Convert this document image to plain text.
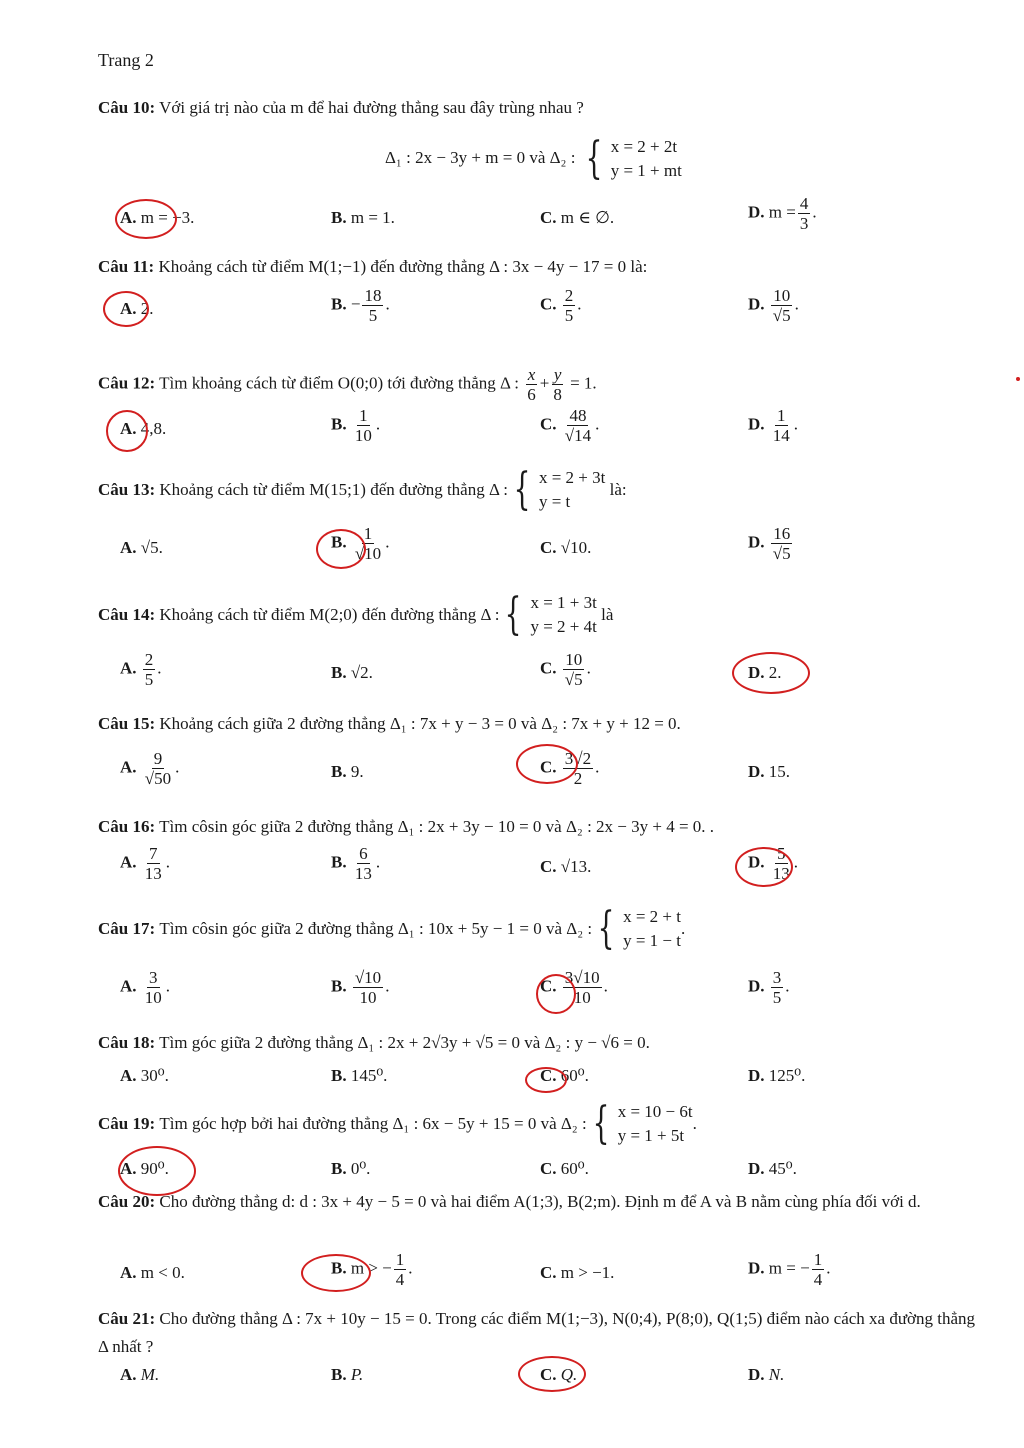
Trang 2
Câu 10: Với giá trị nào của m để hai đường thẳng sau đây trùng nhau ?
Δ₁ : 2x − 3y + m = 0 và Δ₂ : { x = 2 + 2t
y = 1 + mt
A. m = −3.	B. m = 1.	C. m ∈ ∅.	D. $m = \frac{4}{3}$ .
Câu 11: Khoảng cách từ điểm M(1;−1) đến đường thẳng Δ : 3x − 4y − 17 = 0 là:
A. 2.	B. − $\frac{18}{5}$ .	C. $\frac{2}{5}$ .	D. $\frac{10}{√5}$ .
Câu 12: Tìm khoảng cách từ điểm O(0;0) tới đường thẳng Δ : $\frac{x}{6} + \frac{y}{8} = 1$.
A. 4,8.	B. $\frac{1}{10}$ .	C. $\frac{48}{√14}$ .	D. $\frac{1}{14}$ .
Câu 13:
Khoảng cách từ điểm M(15;1) đến đường thẳng
Δ : { x = 2 + 3t
y = t

là:
A. √5.	B. $\frac{1}{√10}$ .	C. √10.	D. $\frac{16}{√5}$
Câu 14:
Khoảng cách từ điểm M(2;0) đến đường thẳng Δ : { x = 1 + 3t
y = 2 + 4t

là
A. $\frac{2}{5}$ .	B. √2.	C. $\frac{10}{√5}$ .	D. 2.
Câu 15: Khoảng cách giữa 2 đường thẳng Δ₁ : 7x + y − 3 = 0 và Δ₂ : 7x + y + 12 = 0.
A. $\frac{9}{√50}$ .	B. 9.	C. $\frac{3√2}{2}$ .	D. 15.
Câu 16: Tìm côsin góc giữa 2 đường thẳng Δ₁ : 2x + 3y − 10 = 0 và Δ₂ : 2x − 3y + 4 = 0. .
A. $\frac{7}{13}$ .	B. $\frac{6}{13}$ .	C. √13.	D. $\frac{5}{13}$ .
Câu 17:
Tìm côsin góc giữa 2 đường thẳng Δ₁ : 10x + 5y − 1 = 0 và Δ₂ : { x = 2 + t
y = 1 − t
.
A. $\frac{3}{10}$ .	B. $\frac{√10}{10}$ .	C. $\frac{3√10}{10}$ .	D. $\frac{3}{5}$ .
Câu 18: Tìm góc giữa 2 đường thẳng Δ₁ : 2x + 2√3y + √5 = 0 và Δ₂ : y − √6 = 0.
A. 30⁰.	B. 145⁰.	C. 60⁰.	D. 125⁰.
Câu 19:
Tìm góc hợp bởi hai đường thẳng Δ₁ : 6x − 5y + 15 = 0 và Δ₂ : { x = 10 − 6t
y = 1 + 5t
.
A. 90⁰.	B. 0⁰.	C. 60⁰.	D. 45⁰.
Câu 20: Cho đường thẳng d: d : 3x + 4y − 5 = 0 và hai điểm A(1;3), B(2;m). Định m để A và B nằm cùng phía đối với d.
A. m < 0.	B. m > − $\frac{1}{4}$ .	C. m > −1.	D. m = − $\frac{1}{4}$ .
Câu 21: Cho đường thẳng Δ : 7x + 10y − 15 = 0. Trong các điểm M(1;−3), N(0;4), P(8;0), Q(1;5) điểm nào cách xa đường thẳng Δ nhất ?
A. M.	B. P.	C. Q.	D. N.
